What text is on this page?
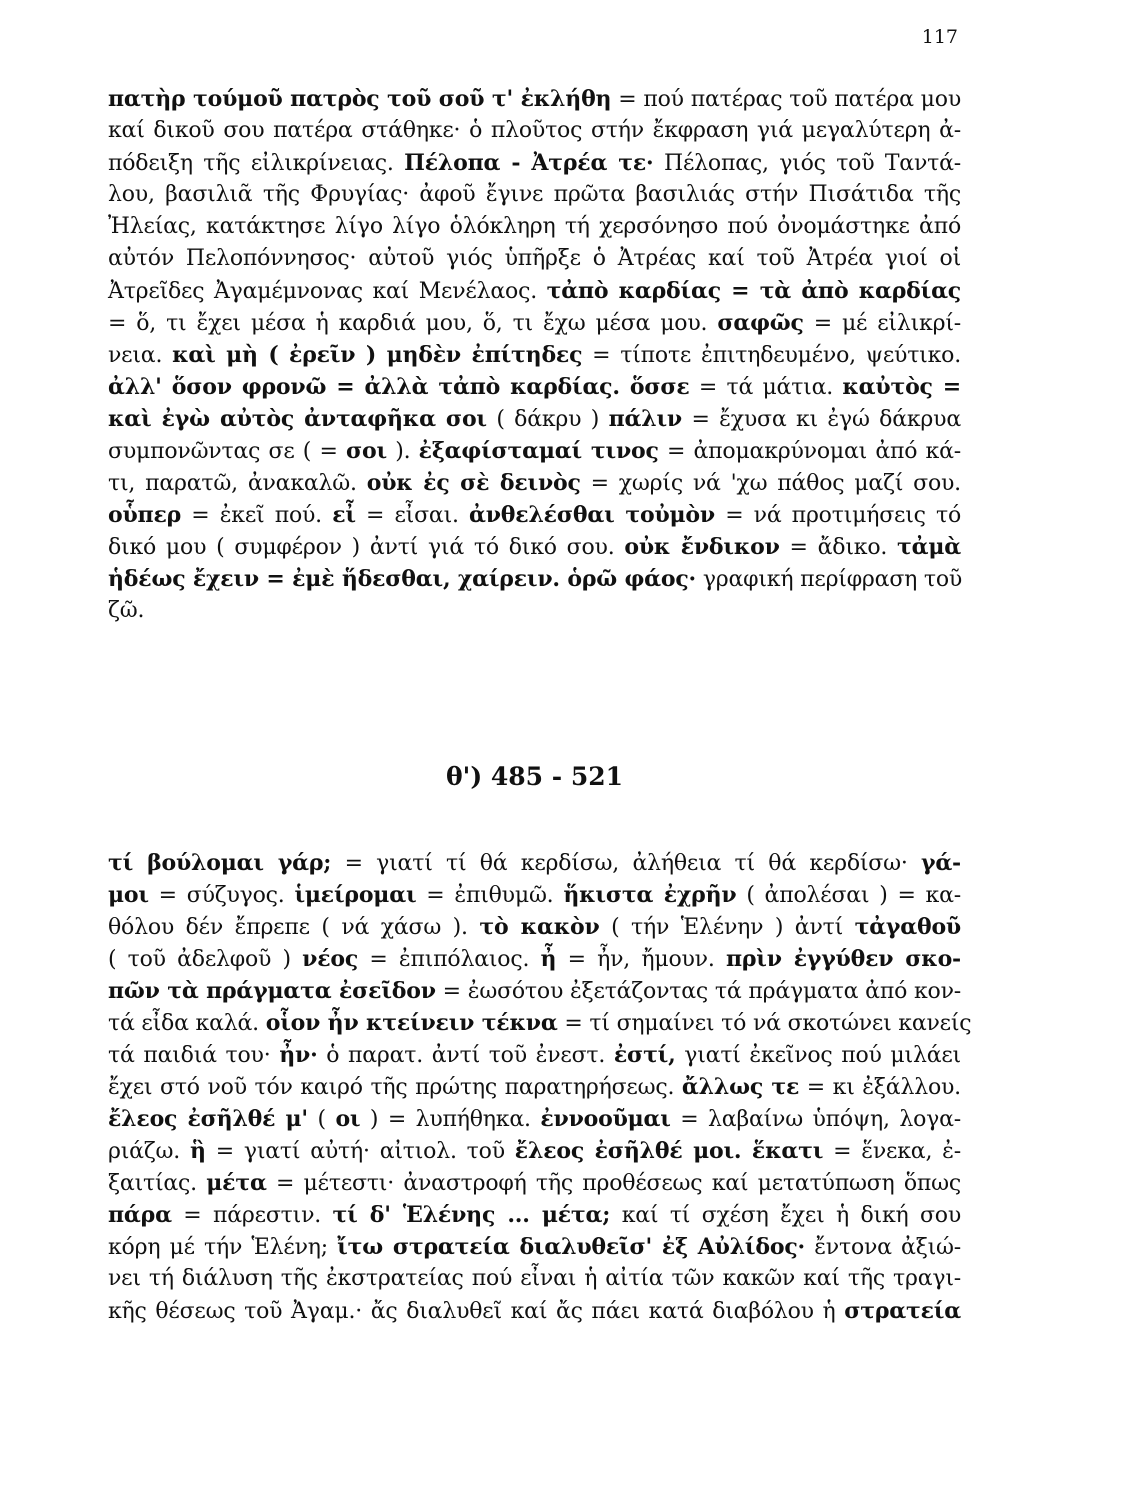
117
πατὴρ τούμοῦ πατρὸς τοῦ σοῦ τ' ἐκλήθη = πού πατέρας τοῦ πατέρα μου
καί δικοῦ σου πατέρα στάθηκε· ὁ πλοῦτος στήν ἔκφραση γιά μεγαλύτερη ἀ-
πόδειξη τῆς εἰλικρίνειας. Πέλοπα - Ἀτρέα τε· Πέλοπας, γιός τοῦ Ταντά-
λου, βασιλιᾶ τῆς Φρυγίας· ἀφοῦ ἔγινε πρῶτα βασιλιάς στήν Πισάτιδα τῆς
Ἠλείας, κατάκτησε λίγο λίγο ὁλόκληρη τή χερσόνησο πού ὀνομάστηκε ἀπό
αὐτόν Πελοπόννησος· αὐτοῦ γιός ὑπῆρξε ὁ Ἀτρέας καί τοῦ Ἀτρέα γιοί οἱ
Ἀτρεῖδες Ἀγαμέμνονας καί Μενέλαος. τἀπὸ καρδίας = τὰ ἀπὸ καρδίας
= ὅ, τι ἔχει μέσα ἡ καρδιά μου, ὅ, τι ἔχω μέσα μου. σαφῶς = μέ εἰλικρί-
νεια. καὶ μὴ ( ἐρεῖν ) μηδὲν ἐπίτηδες = τίποτε ἐπιτηδευμένο, ψεύτικο.
ἀλλ' ὅσον φρονῶ = ἀλλὰ τἀπὸ καρδίας. ὅσσε = τά μάτια. καὐτὸς =
καὶ ἐγὼ αὐτὸς ἀνταφῆκα σοι ( δάκρυ ) πάλιν = ἔχυσα κι ἐγώ δάκρυα
συμπονῶντας σε ( = σοι ). ἐξαφίσταμαί τινος = ἀπομακρύνομαι ἀπό κά-
τι, παρατῶ, ἀνακαλῶ. οὐκ ἐς σὲ δεινὸς = χωρίς νά 'χω πάθος μαζί σου.
οὗπερ = ἐκεῖ πού. εἶ = εἶσαι. ἀνθελέσθαι τοὐμὸν = νά προτιμήσεις τό
δικό μου ( συμφέρον ) ἀντί γιά τό δικό σου. οὐκ ἔνδικον = ἄδικο. τἀμὰ
ἡδέως ἔχειν = ἐμὲ ἥδεσθαι, χαίρειν. ὁρῶ φάος· γραφική περίφραση τοῦ
ζῶ.
θ') 485 - 521
τί βούλομαι γάρ; = γιατί τί θά κερδίσω, ἀλήθεια τί θά κερδίσω· γά-
μοι = σύζυγος. ἱμείρομαι = ἐπιθυμῶ. ἥκιστα ἐχρῆν ( ἀπολέσαι ) = κα-
θόλου δέν ἔπρεπε ( νά χάσω ). τὸ κακὸν ( τήν Ἑλένην ) ἀντί τἀγαθοῦ
( τοῦ ἀδελφοῦ ) νέος = ἐπιπόλαιος. ἦ = ἦν, ἤμουν. πρὶν ἐγγύθεν σκο-
πῶν τὰ πράγματα ἐσεῖδον = ἐωσότου ἐξετάζοντας τά πράγματα ἀπό κον-
τά εἶδα καλά. οἷον ἦν κτείνειν τέκνα = τί σημαίνει τό νά σκοτώνει κανείς
τά παιδιά του· ἦν· ὁ παρατ. ἀντί τοῦ ἐνεστ. ἐστί, γιατί ἐκεῖνος πού μιλάει
ἔχει στό νοῦ τόν καιρό τῆς πρώτης παρατηρήσεως. ἄλλως τε = κι ἐξάλλου.
ἔλεος ἐσῆλθέ μ' ( οι ) = λυπήθηκα. ἐννοοῦμαι = λαβαίνω ὑπόψη, λογα-
ριάζω. ἣ = γιατί αὐτή· αἰτιολ. τοῦ ἔλεος ἐσῆλθέ μοι. ἕκατι = ἕνεκα, ἐ-
ξαιτίας. μέτα = μέτεστι· ἀναστροφή τῆς προθέσεως καί μετατύπωση ὅπως
πάρα = πάρεστιν. τί δ' Ἑλένης ... μέτα; καί τί σχέση ἔχει ἡ δική σου
κόρη μέ τήν Ἑλένη; ἴτω στρατεία διαλυθεῖσ' ἐξ Αὐλίδος· ἔντονα ἀξιώ-
νει τή διάλυση τῆς ἐκστρατείας πού εἶναι ἡ αἰτία τῶν κακῶν καί τῆς τραγι-
κῆς θέσεως τοῦ Ἀγαμ.· ἄς διαλυθεῖ καί ἄς πάει κατά διαβόλου ἡ στρατεία
